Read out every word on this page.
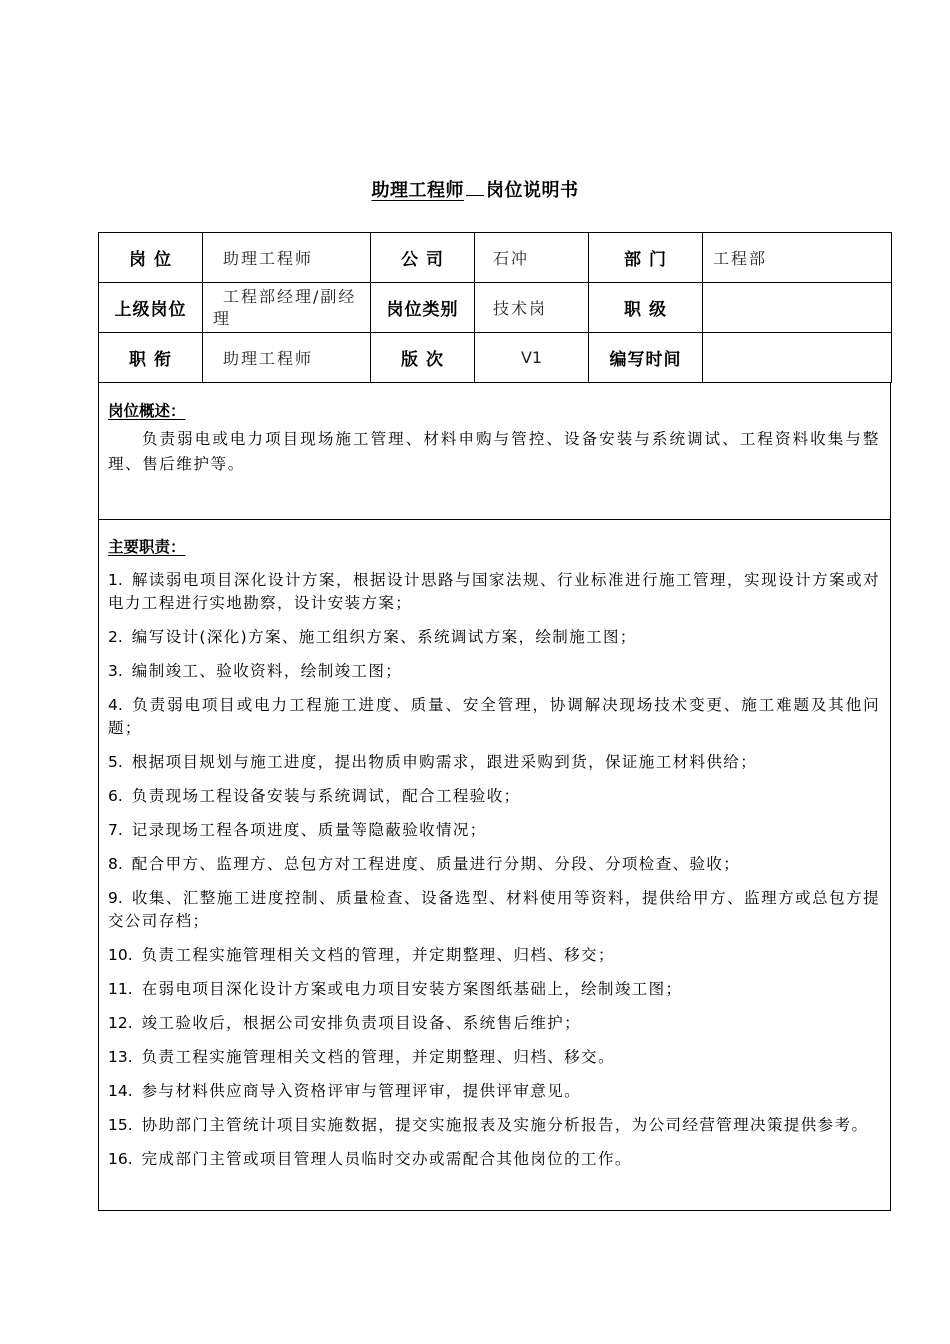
助理工程师 岗位说明书
岗 位	助理工程师	公 司	石冲	部 门	工程部
上级岗位	工程部经理/副经理	岗位类别	技术岗	职 级	
职 衔	助理工程师	版 次	V1	编写时间	
岗位概述：
负责弱电或电力项目现场施工管理、材料申购与管控、设备安装与系统调试、工程资料收集与整理、售后维护等。
主要职责：
1. 解读弱电项目深化设计方案，根据设计思路与国家法规、行业标准进行施工管理，实现设计方案或对电力工程进行实地勘察，设计安装方案；
2. 编写设计(深化)方案、施工组织方案、系统调试方案，绘制施工图；
3. 编制竣工、验收资料，绘制竣工图；
4. 负责弱电项目或电力工程施工进度、质量、安全管理，协调解决现场技术变更、施工难题及其他问题；
5. 根据项目规划与施工进度，提出物质申购需求，跟进采购到货，保证施工材料供给；
6. 负责现场工程设备安装与系统调试，配合工程验收；
7. 记录现场工程各项进度、质量等隐蔽验收情况；
8. 配合甲方、监理方、总包方对工程进度、质量进行分期、分段、分项检查、验收；
9. 收集、汇整施工进度控制、质量检查、设备选型、材料使用等资料，提供给甲方、监理方或总包方提交公司存档；
10. 负责工程实施管理相关文档的管理，并定期整理、归档、移交；
11. 在弱电项目深化设计方案或电力项目安装方案图纸基础上，绘制竣工图；
12. 竣工验收后，根据公司安排负责项目设备、系统售后维护；
13. 负责工程实施管理相关文档的管理，并定期整理、归档、移交。
14. 参与材料供应商导入资格评审与管理评审，提供评审意见。
15. 协助部门主管统计项目实施数据，提交实施报表及实施分析报告，为公司经营管理决策提供参考。
16. 完成部门主管或项目管理人员临时交办或需配合其他岗位的工作。
